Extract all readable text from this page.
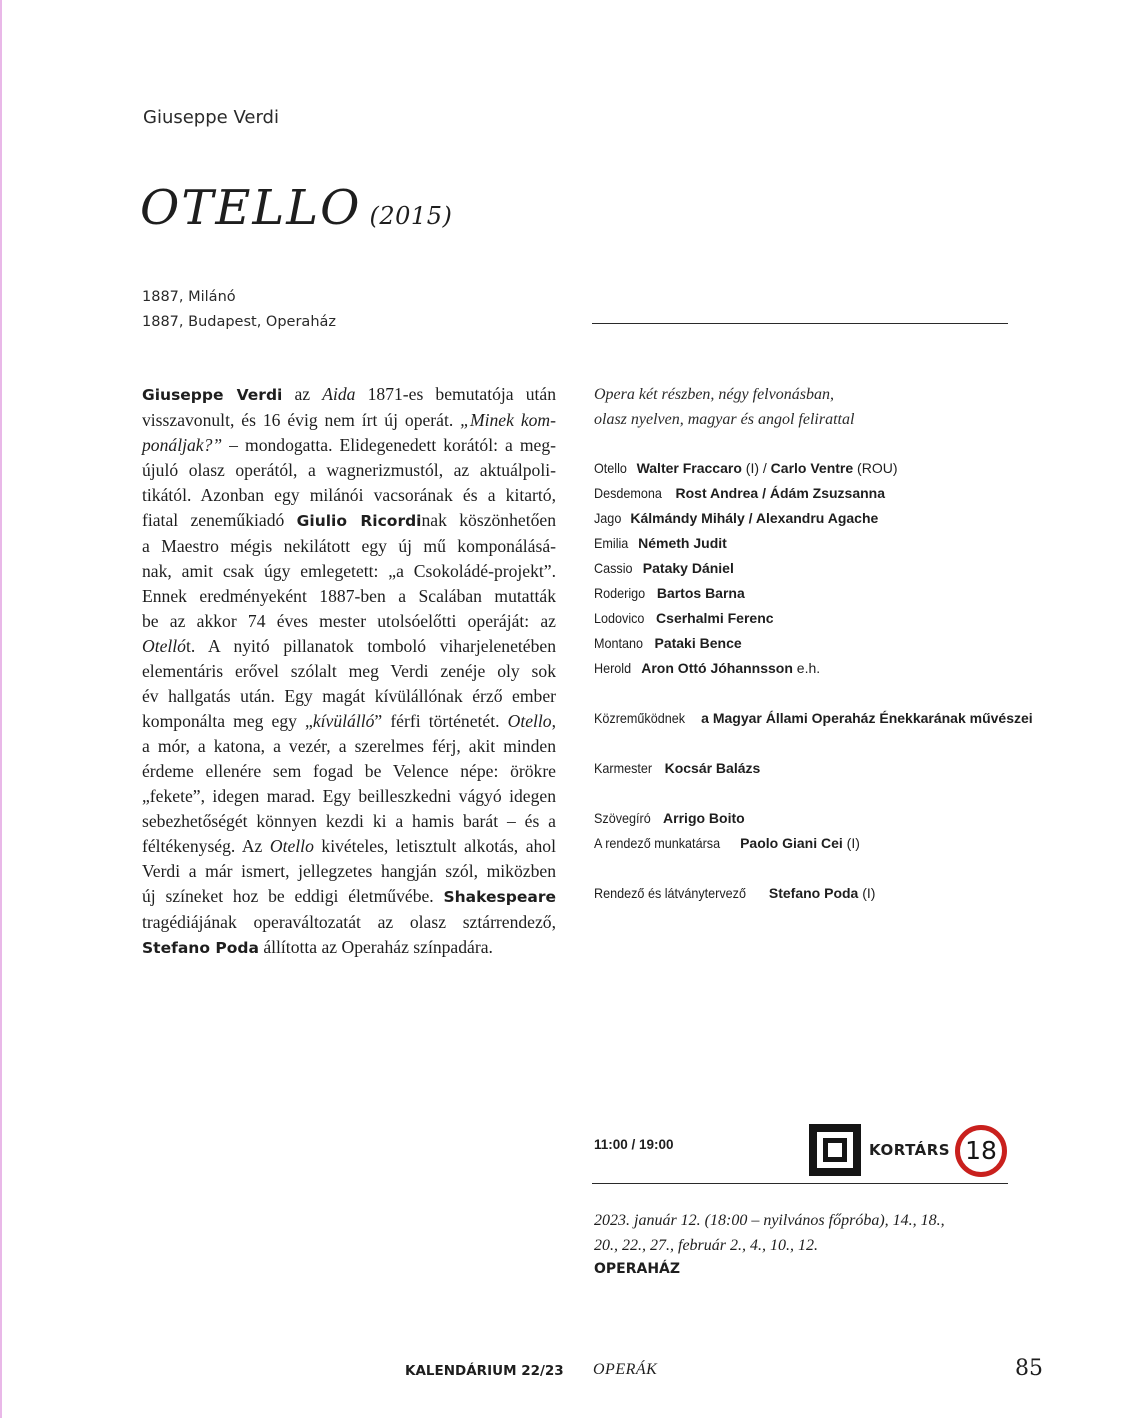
Giuseppe Verdi
OTELLO (2015)
1887, Milánó
1887, Budapest, Operaház
Giuseppe Verdi az Aida 1871-es bemutatója után
visszavonult, és 16 évig nem írt új operát. „Minek kom-
ponáljak?” – mondogatta. Elidegenedett korától: a meg-
újuló olasz operától, a wagnerizmustól, az aktuálpoli-
tikától. Azonban egy milánói vacsorának és a kitartó,
fiatal zeneműkiadó Giulio Ricordinak köszönhetően
a Maestro mégis nekilátott egy új mű komponálásá-
nak, amit csak úgy emlegetett: „a Csokoládé-projekt”.
Ennek eredményeként 1887-ben a Scalában mutatták
be az akkor 74 éves mester utolsóelőtti operáját: az
Otellót. A nyitó pillanatok tomboló viharjelenetében
elementáris erővel szólalt meg Verdi zenéje oly sok
év hallgatás után. Egy magát kívülállónak érző ember
komponálta meg egy „kívülálló” férfi történetét. Otello,
a mór, a katona, a vezér, a szerelmes férj, akit minden
érdeme ellenére sem fogad be Velence népe: örökre
„fekete”, idegen marad. Egy beilleszkedni vágyó idegen
sebezhetőségét könnyen kezdi ki a hamis barát – és a
féltékenység. Az Otello kivételes, letisztult alkotás, ahol
Verdi a már ismert, jellegzetes hangján szól, miközben
új színeket hoz be eddigi életművébe. Shakespeare
tragédiájának operaváltozatát az olasz sztárrendező,
Stefano Poda állította az Operaház színpadára.
Opera két részben, négy felvonásban,
olasz nyelven, magyar és angol felirattal
Otello Walter Fraccaro (I) / Carlo Ventre (ROU)
Desdemona Rost Andrea / Ádám Zsuzsanna
Jago Kálmándy Mihály / Alexandru Agache
Emilia Németh Judit
Cassio Pataky Dániel
Roderigo Bartos Barna
Lodovico Cserhalmi Ferenc
Montano Pataki Bence
Herold Aron Ottó Jóhannsson e.h.
Közreműködnek a Magyar Állami Operaház Énekkarának művészei
Karmester Kocsár Balázs
Szövegíró Arrigo Boito
A rendező munkatársa Paolo Giani Cei (I)
Rendező és látványtervező Stefano Poda (I)
11:00 / 19:00	KORTÁRS 18
2023. január 12. (18:00 – nyilvános főpróba), 14., 18.,
20., 22., 27., február 2., 4., 10., 12.
OPERAHÁZ
KALENDÁRIUM 22/23 OPERÁK	85
